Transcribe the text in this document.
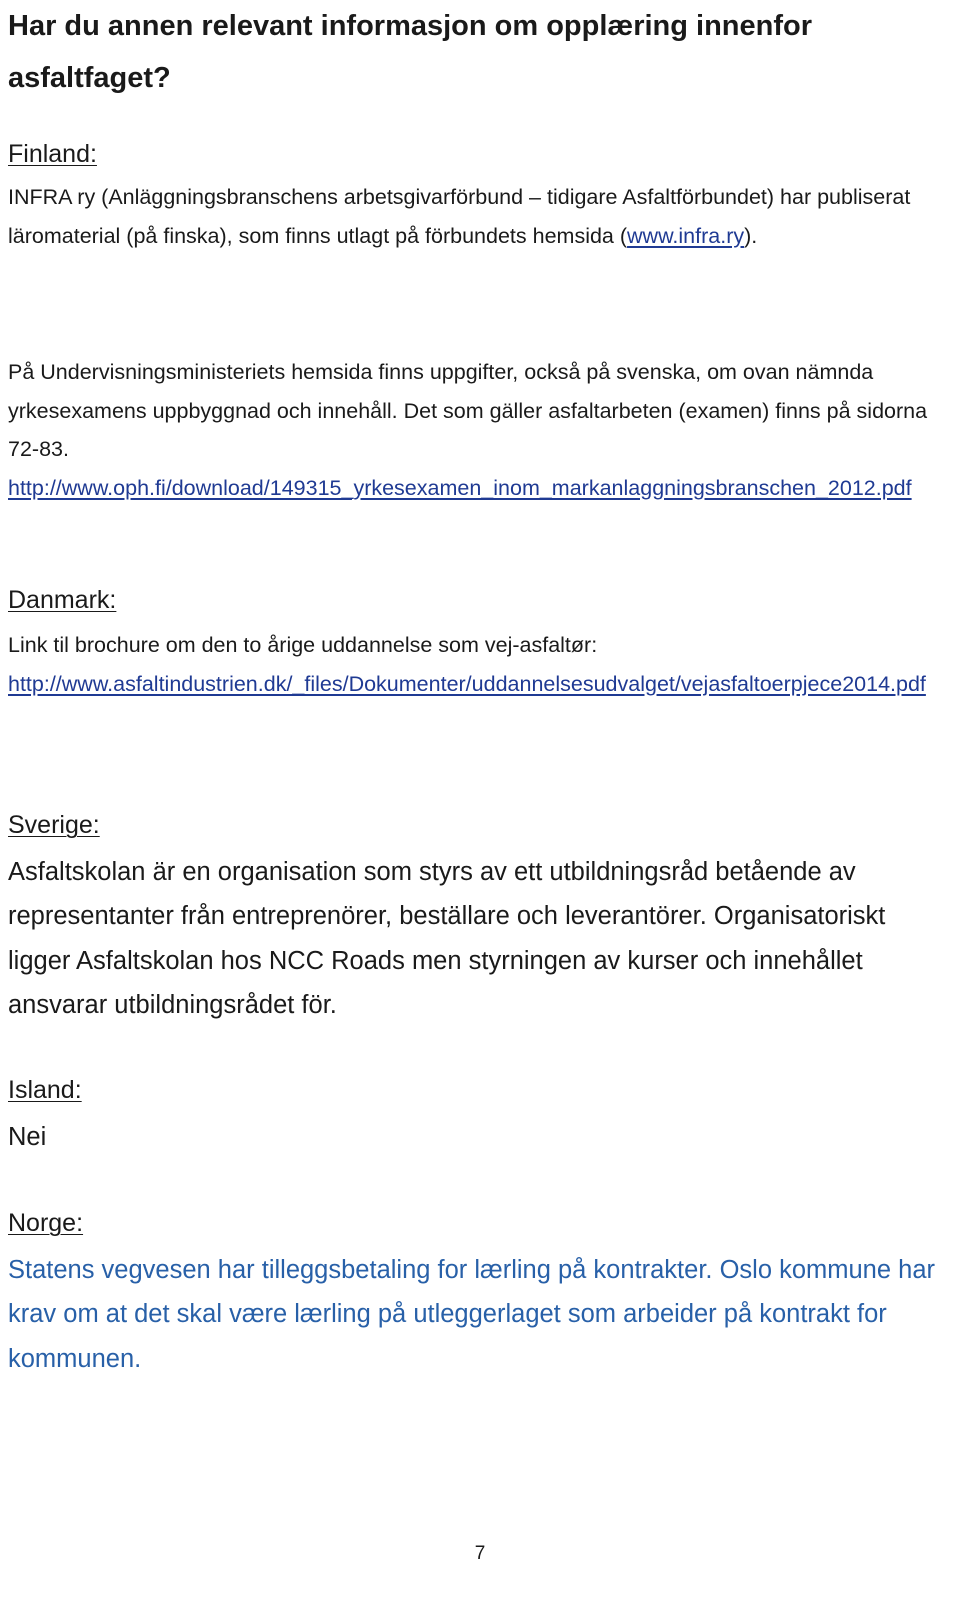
Har du annen relevant informasjon om opplæring innenfor asfaltfaget?

Finland:

INFRA ry (Anläggningsbranschens arbetsgivarförbund – tidigare Asfaltförbundet) har publiserat läromaterial (på finska), som finns utlagt på förbundets hemsida (www.infra.ry).

På Undervisningsministeriets hemsida finns uppgifter, också på svenska, om ovan nämnda yrkesexamens uppbyggnad och innehåll. Det som gäller asfaltarbeten (examen) finns på sidorna 72-83.
http://www.oph.fi/download/149315_yrkesexamen_inom_markanlaggningsbranschen_2012.pdf

Danmark:

Link til brochure om den to årige uddannelse som vej-asfaltør:
http://www.asfaltindustrien.dk/_files/Dokumenter/uddannelsesudvalget/vejasfaltoerpjece2014.pdf

Sverige:

Asfaltskolan är en organisation som styrs av ett utbildningsråd betående av representanter från entreprenörer, beställare och leverantörer. Organisatoriskt ligger Asfaltskolan hos NCC Roads men styrningen av kurser och innehållet ansvarar utbildningsrådet för.

Island:

Nei

Norge:

Statens vegvesen har tilleggsbetaling for lærling på kontrakter. Oslo kommune har krav om at det skal være lærling på utleggerlaget som arbeider på kontrakt for kommunen.

7
